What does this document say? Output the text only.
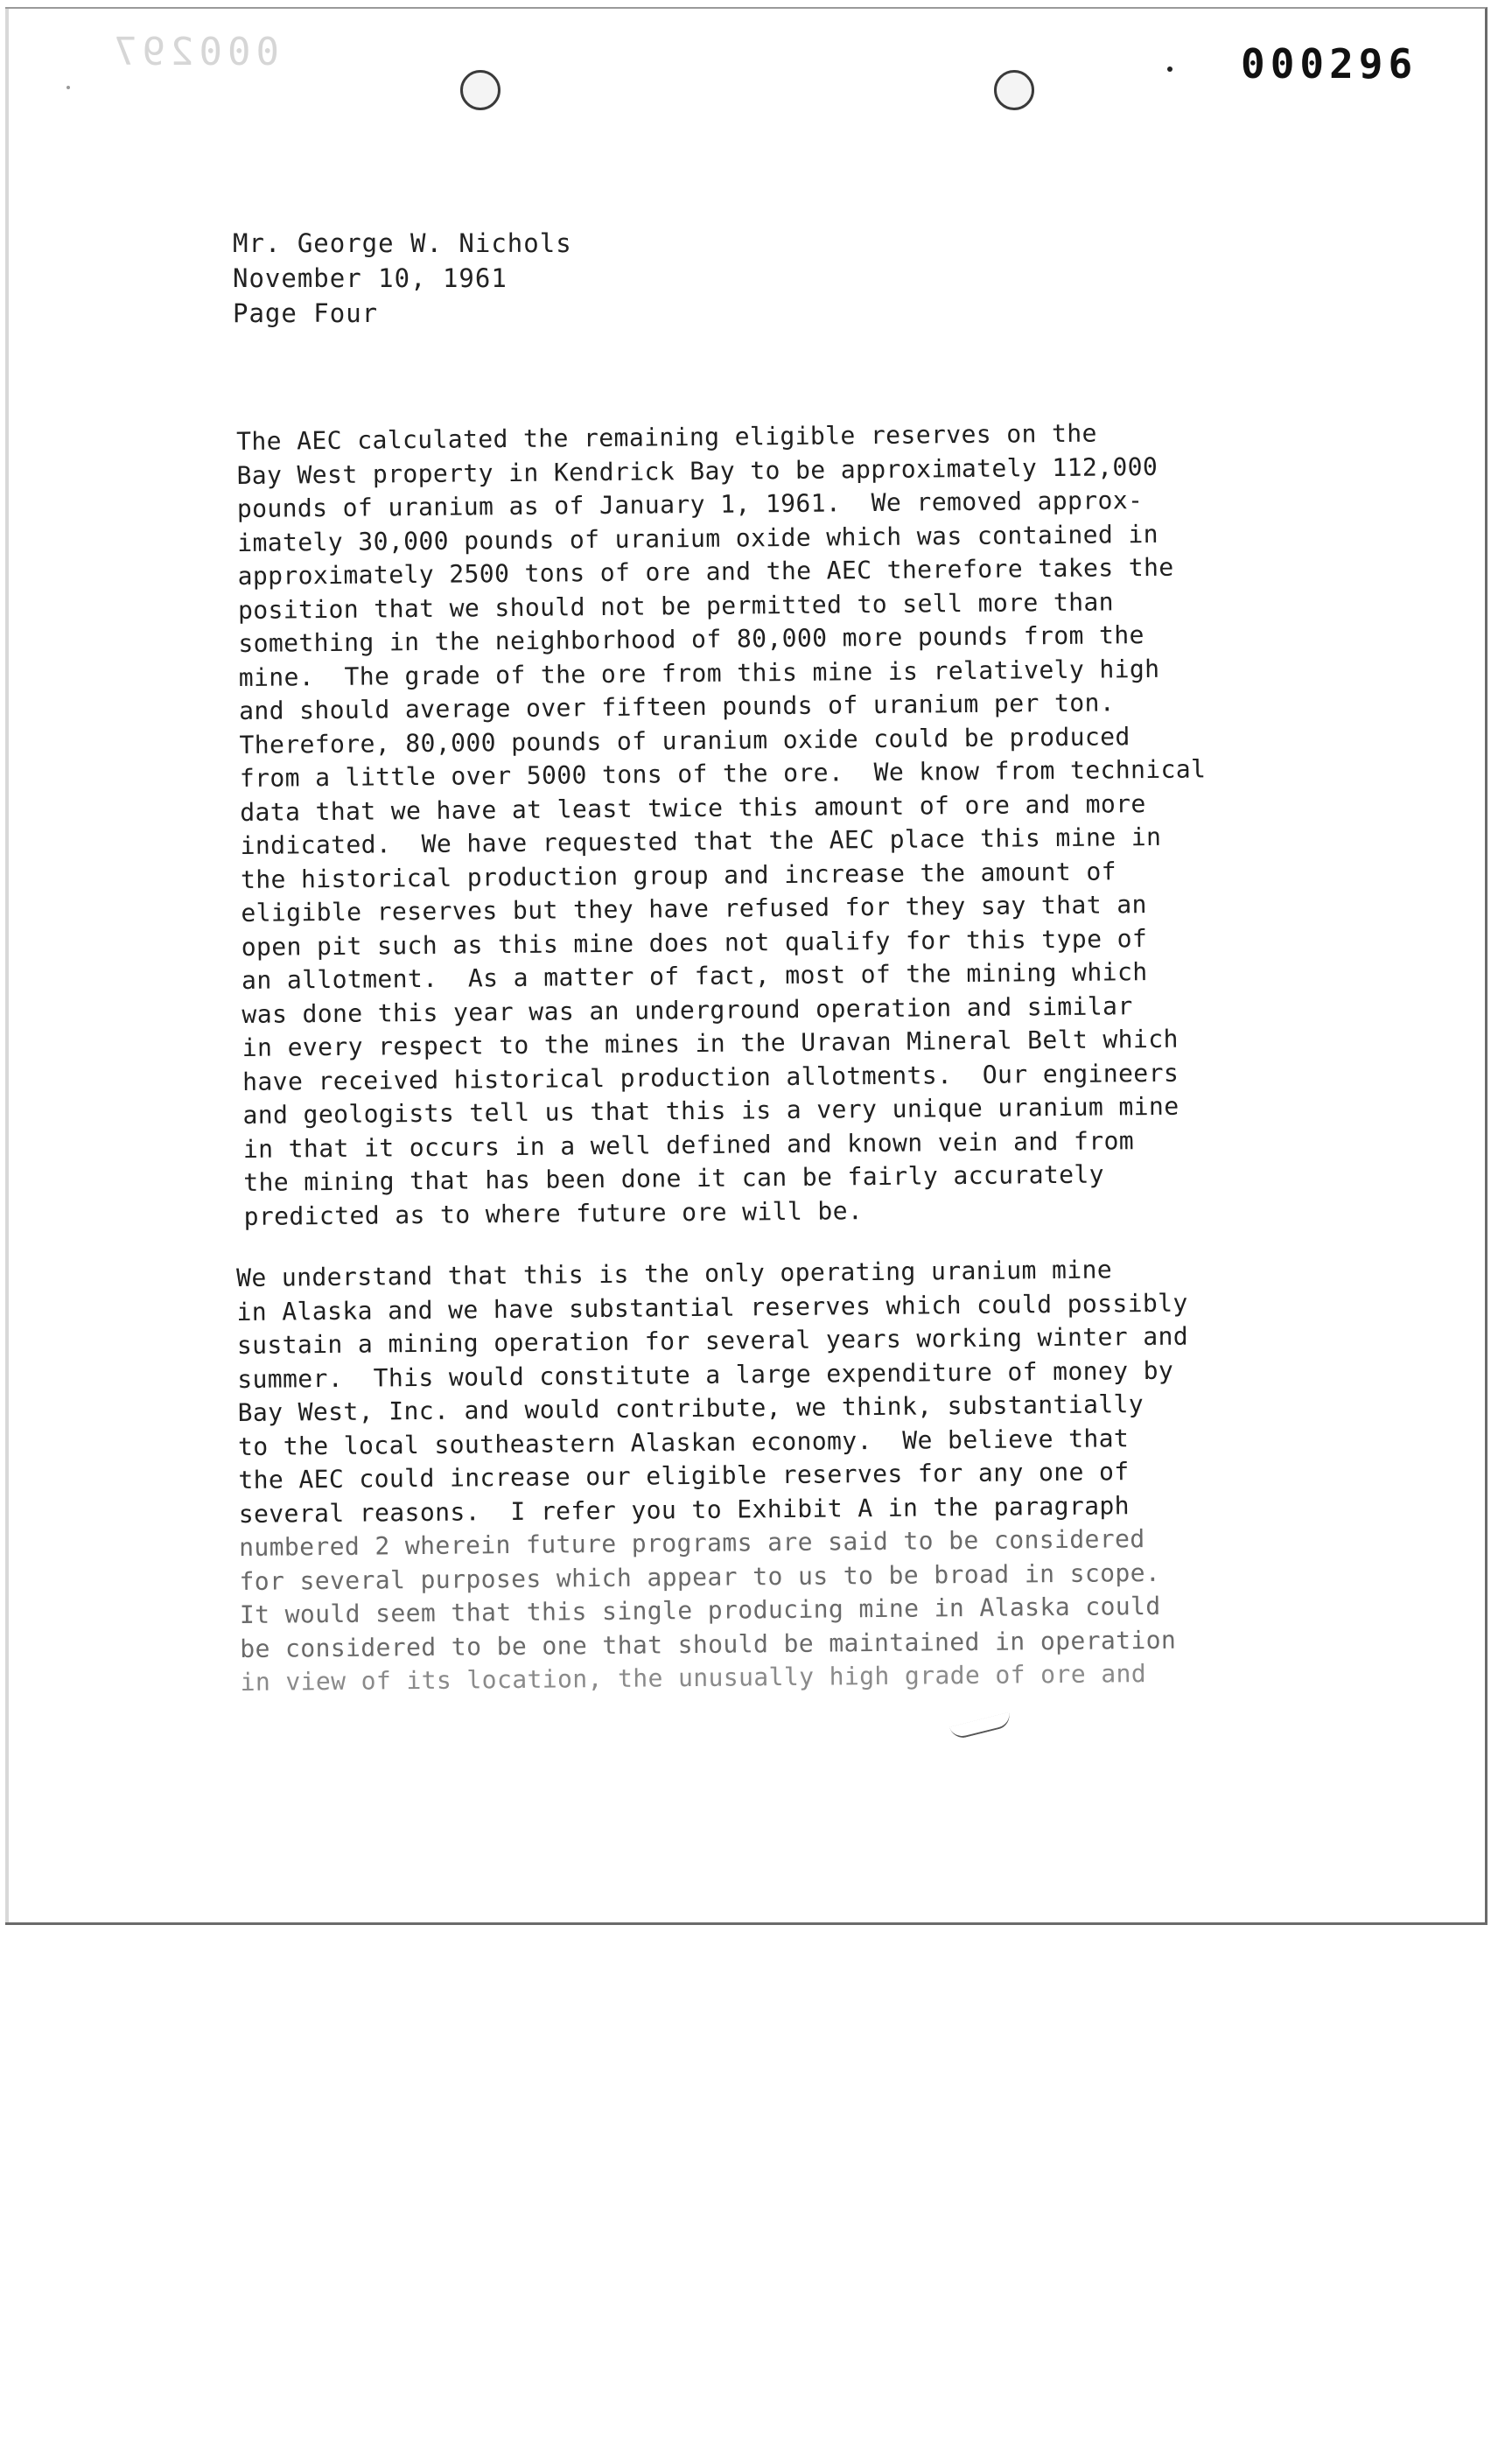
000297	000296
Mr. George W. Nichols
November 10, 1961
Page Four
The AEC calculated the remaining eligible reserves on the
Bay West property in Kendrick Bay to be approximately 112,000
pounds of uranium as of January 1, 1961.  We removed approx-
imately 30,000 pounds of uranium oxide which was contained in
approximately 2500 tons of ore and the AEC therefore takes the
position that we should not be permitted to sell more than
something in the neighborhood of 80,000 more pounds from the
mine.  The grade of the ore from this mine is relatively high
and should average over fifteen pounds of uranium per ton.
Therefore, 80,000 pounds of uranium oxide could be produced
from a little over 5000 tons of the ore.  We know from technical
data that we have at least twice this amount of ore and more
indicated.  We have requested that the AEC place this mine in
the historical production group and increase the amount of
eligible reserves but they have refused for they say that an
open pit such as this mine does not qualify for this type of
an allotment.  As a matter of fact, most of the mining which
was done this year was an underground operation and similar
in every respect to the mines in the Uravan Mineral Belt which
have received historical production allotments.  Our engineers
and geologists tell us that this is a very unique uranium mine
in that it occurs in a well defined and known vein and from
the mining that has been done it can be fairly accurately
predicted as to where future ore will be.
We understand that this is the only operating uranium mine
in Alaska and we have substantial reserves which could possibly
sustain a mining operation for several years working winter and
summer.  This would constitute a large expenditure of money by
Bay West, Inc. and would contribute, we think, substantially
to the local southeastern Alaskan economy.  We believe that
the AEC could increase our eligible reserves for any one of
several reasons.  I refer you to Exhibit A in the paragraph
numbered 2 wherein future programs are said to be considered
for several purposes which appear to us to be broad in scope.
It would seem that this single producing mine in Alaska could
be considered to be one that should be maintained in operation
in view of its location, the unusually high grade of ore and
